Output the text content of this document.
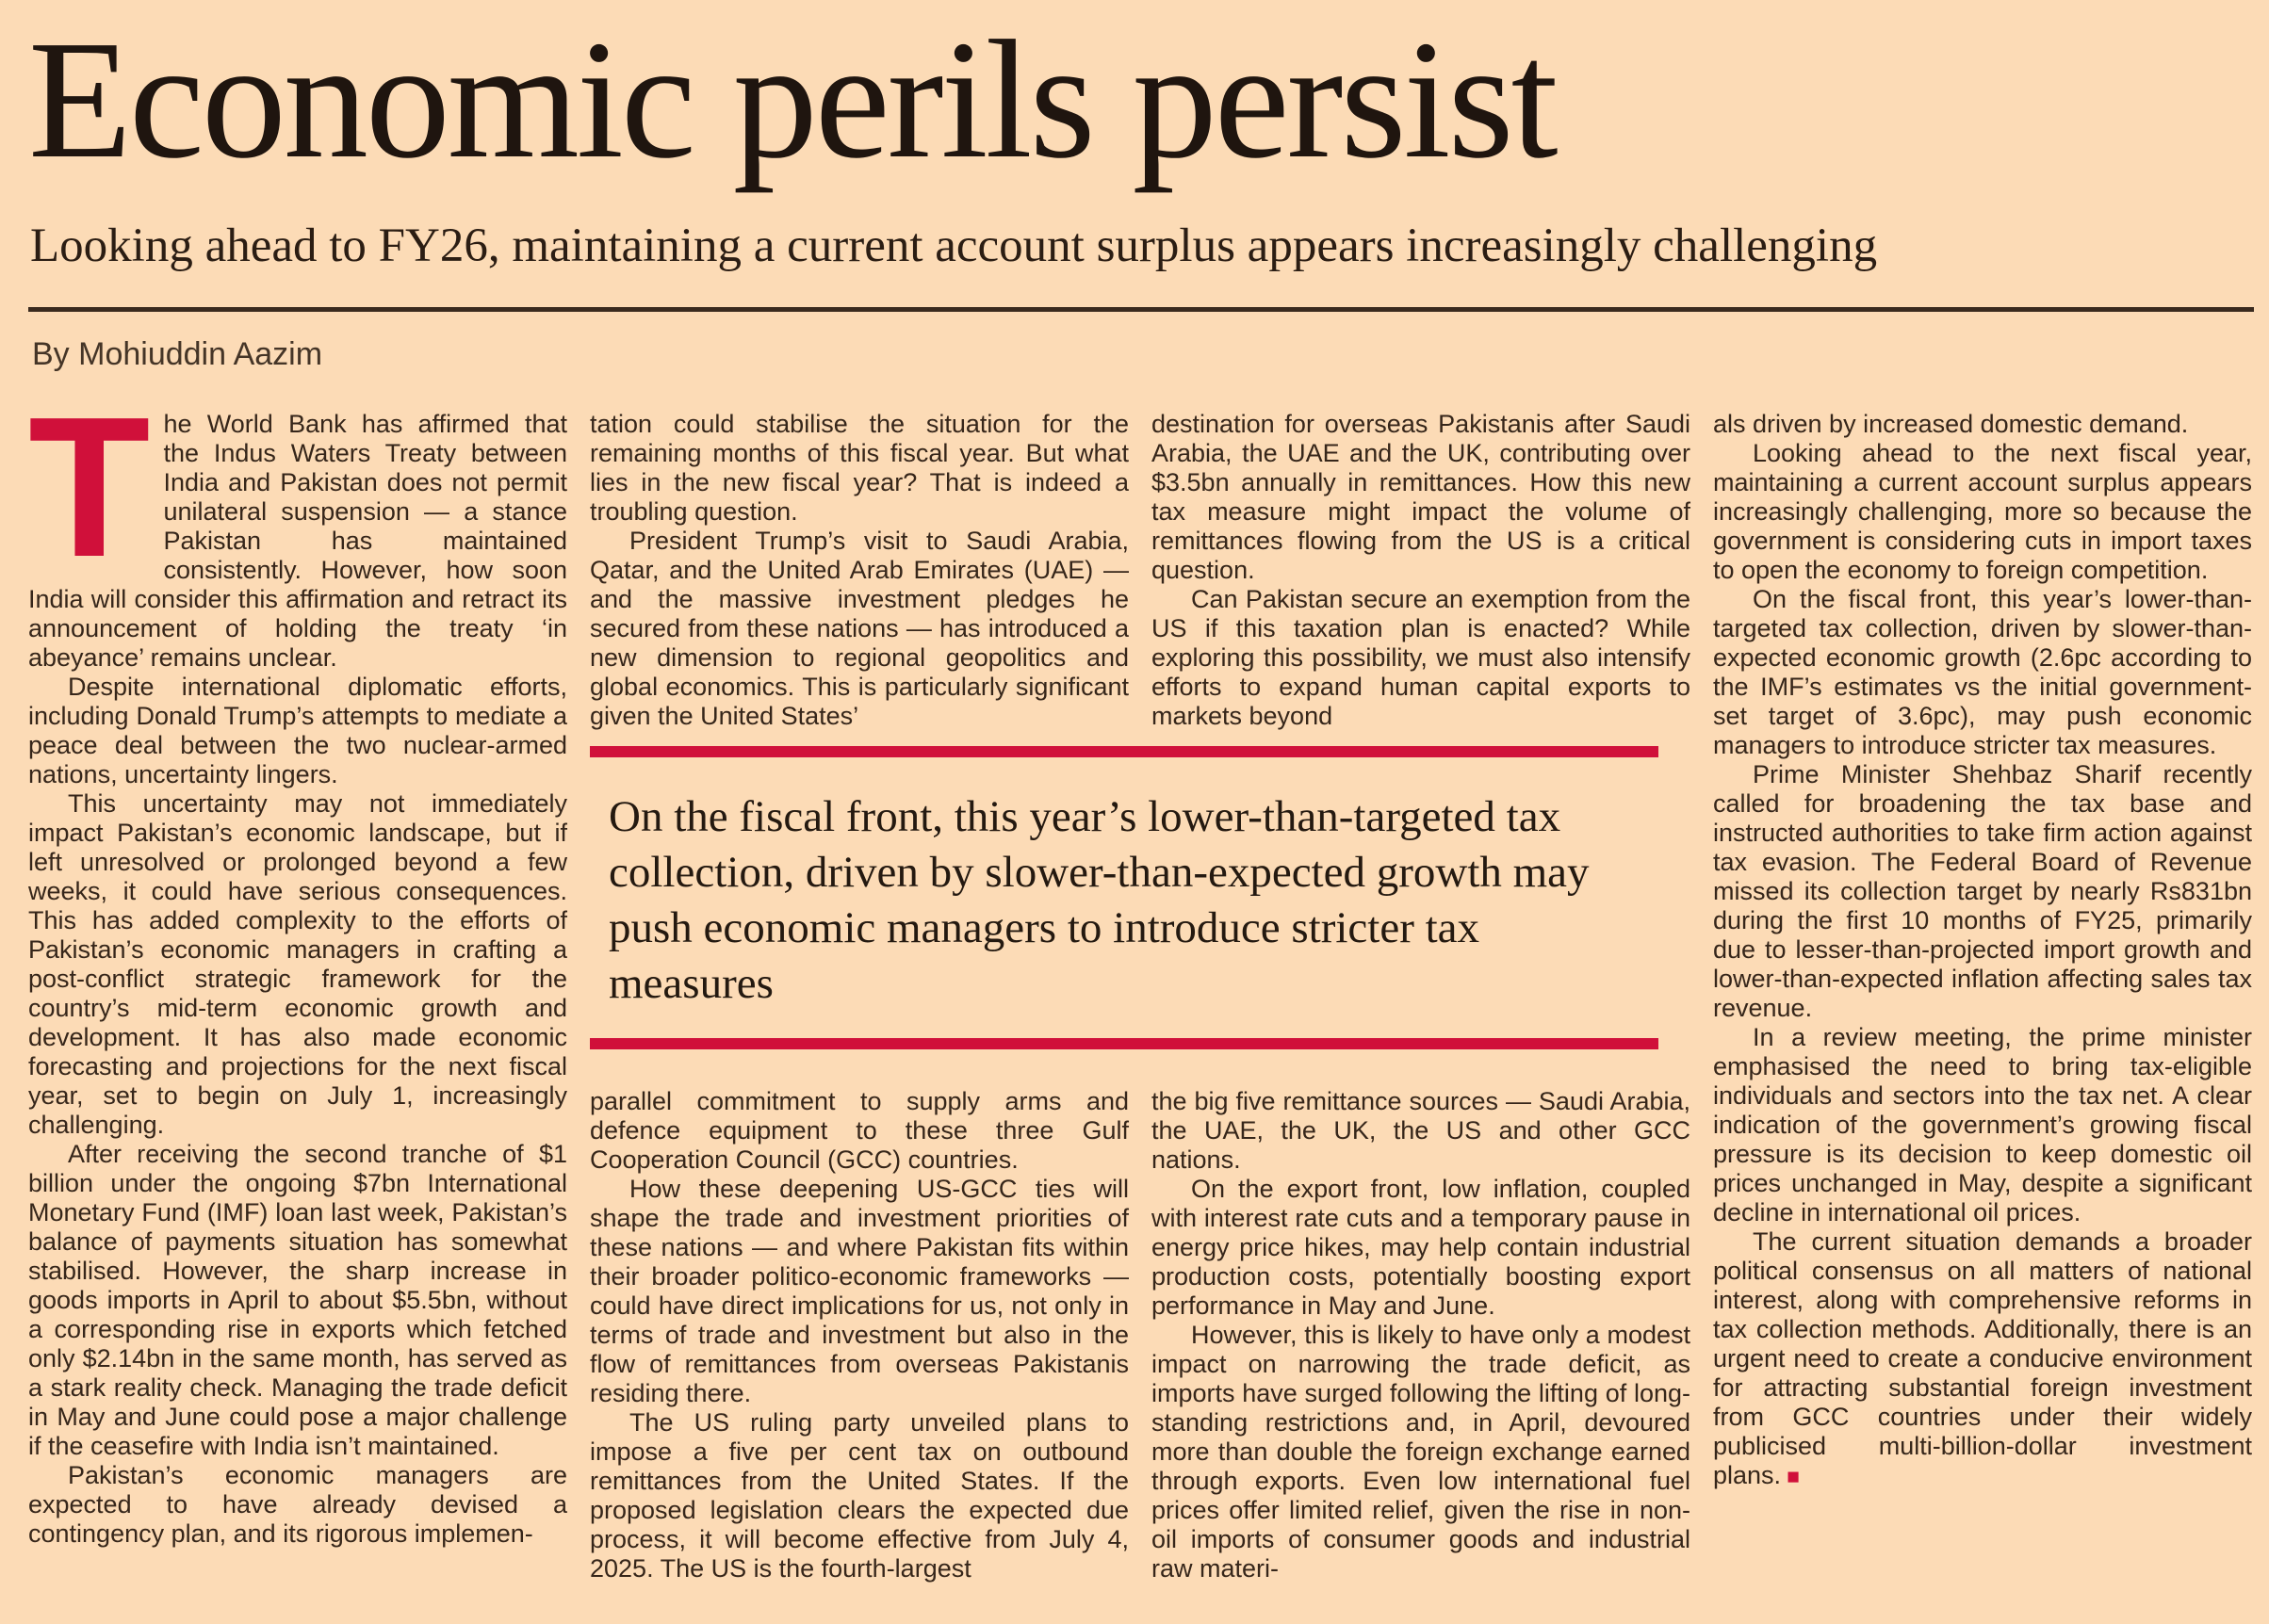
Economic perils persist

Looking ahead to FY26, maintaining a current account surplus appears increasingly challenging

By Mohiuddin Aazim

The World Bank has affirmed that the Indus Waters Treaty between India and Pakistan does not permit unilateral suspension — a stance Pakistan has maintained consistently. However, how soon India will consider this affirmation and retract its announcement of holding the treaty ‘in abeyance’ remains unclear.

Despite international diplomatic efforts, including Donald Trump’s attempts to mediate a peace deal between the two nuclear-armed nations, uncertainty lingers.

This uncertainty may not immediately impact Pakistan’s economic landscape, but if left unresolved or prolonged beyond a few weeks, it could have serious consequences. This has added complexity to the efforts of Pakistan’s economic managers in crafting a post-conflict strategic framework for the country’s mid-term economic growth and development. It has also made economic forecasting and projections for the next fiscal year, set to begin on July 1, increasingly challenging.

After receiving the second tranche of $1 billion under the ongoing $7bn International Monetary Fund (IMF) loan last week, Pakistan’s balance of payments situation has somewhat stabilised. However, the sharp increase in goods imports in April to about $5.5bn, without a corresponding rise in exports which fetched only $2.14bn in the same month, has served as a stark reality check. Managing the trade deficit in May and June could pose a major challenge if the ceasefire with India isn’t maintained.

Pakistan’s economic managers are expected to have already devised a contingency plan, and its rigorous implemen-

tation could stabilise the situation for the remaining months of this fiscal year. But what lies in the new fiscal year? That is indeed a troubling question.

President Trump’s visit to Saudi Arabia, Qatar, and the United Arab Emirates (UAE) — and the massive investment pledges he secured from these nations — has introduced a new dimension to regional geopolitics and global economics. This is particularly significant given the United States’

destination for overseas Pakistanis after Saudi Arabia, the UAE and the UK, contributing over $3.5bn annually in remittances. How this new tax measure might impact the volume of remittances flowing from the US is a critical question.

Can Pakistan secure an exemption from the US if this taxation plan is enacted? While exploring this possibility, we must also intensify efforts to expand human capital exports to markets beyond

On the fiscal front, this year’s lower-than-targeted tax collection, driven by slower-than-expected growth may push economic managers to introduce stricter tax measures

parallel commitment to supply arms and defence equipment to these three Gulf Cooperation Council (GCC) countries.

How these deepening US-GCC ties will shape the trade and investment priorities of these nations — and where Pakistan fits within their broader politico-economic frameworks — could have direct implications for us, not only in terms of trade and investment but also in the flow of remittances from overseas Pakistanis residing there.

The US ruling party unveiled plans to impose a five per cent tax on outbound remittances from the United States. If the proposed legislation clears the expected due process, it will become effective from July 4, 2025. The US is the fourth-largest

the big five remittance sources — Saudi Arabia, the UAE, the UK, the US and other GCC nations.

On the export front, low inflation, coupled with interest rate cuts and a temporary pause in energy price hikes, may help contain industrial production costs, potentially boosting export performance in May and June.

However, this is likely to have only a modest impact on narrowing the trade deficit, as imports have surged following the lifting of long-standing restrictions and, in April, devoured more than double the foreign exchange earned through exports. Even low international fuel prices offer limited relief, given the rise in non-oil imports of consumer goods and industrial raw materi-

als driven by increased domestic demand.

Looking ahead to the next fiscal year, maintaining a current account surplus appears increasingly challenging, more so because the government is considering cuts in import taxes to open the economy to foreign competition.

On the fiscal front, this year’s lower-than-targeted tax collection, driven by slower-than-expected economic growth (2.6pc according to the IMF’s estimates vs the initial government-set target of 3.6pc), may push economic managers to introduce stricter tax measures.

Prime Minister Shehbaz Sharif recently called for broadening the tax base and instructed authorities to take firm action against tax evasion. The Federal Board of Revenue missed its collection target by nearly Rs831bn during the first 10 months of FY25, primarily due to lesser-than-projected import growth and lower-than-expected inflation affecting sales tax revenue.

In a review meeting, the prime minister emphasised the need to bring tax-eligible individuals and sectors into the tax net. A clear indication of the government’s growing fiscal pressure is its decision to keep domestic oil prices unchanged in May, despite a significant decline in international oil prices.

The current situation demands a broader political consensus on all matters of national interest, along with comprehensive reforms in tax collection methods. Additionally, there is an urgent need to create a conducive environment for attracting substantial foreign investment from GCC countries under their widely publicised multi-billion-dollar investment plans. ■
